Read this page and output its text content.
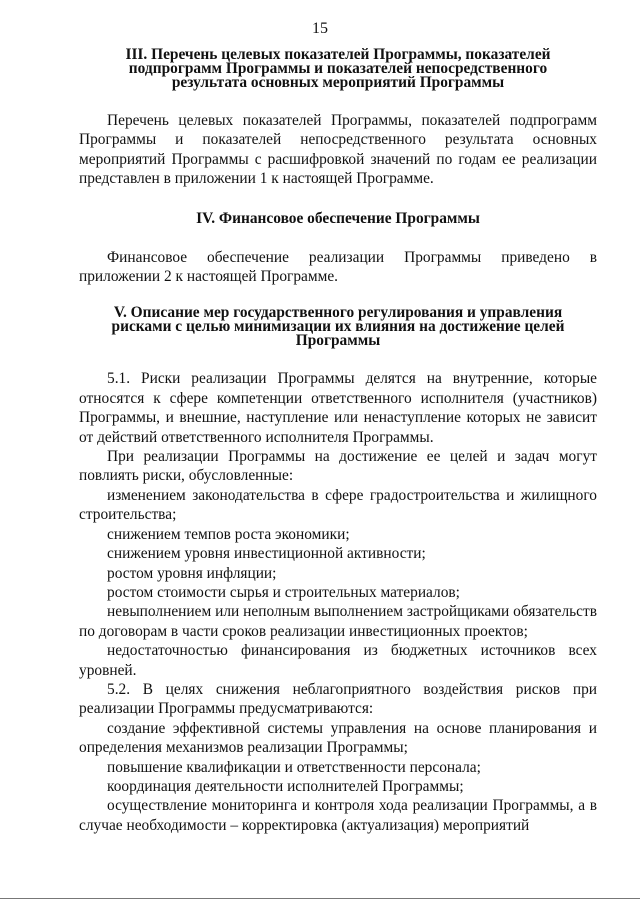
15
III. Перечень целевых показателей Программы, показателей
подпрограмм Программы и показателей непосредственного
результата основных мероприятий Программы

Перечень целевых показателей Программы, показателей подпрограмм Программы и показателей непосредственного результата основных мероприятий Программы с расшифровкой значений по годам ее реализации представлен в приложении 1 к настоящей Программе.

IV. Финансовое обеспечение Программы

Финансовое обеспечение реализации Программы приведено в приложении 2 к настоящей Программе.

V. Описание мер государственного регулирования и управления
рисками с целью минимизации их влияния на достижение целей
Программы

5.1. Риски реализации Программы делятся на внутренние, которые относятся к сфере компетенции ответственного исполнителя (участников) Программы, и внешние, наступление или ненаступление которых не зависит от действий ответственного исполнителя Программы.

При реализации Программы на достижение ее целей и задач могут повлиять риски, обусловленные:

изменением законодательства в сфере градостроительства и жилищного строительства;

снижением темпов роста экономики;

снижением уровня инвестиционной активности;

ростом уровня инфляции;

ростом стоимости сырья и строительных материалов;

невыполнением или неполным выполнением застройщиками обязательств по договорам в части сроков реализации инвестиционных проектов;

недостаточностью финансирования из бюджетных источников всех уровней.

5.2. В целях снижения неблагоприятного воздействия рисков при реализации Программы предусматриваются:

создание эффективной системы управления на основе планирования и определения механизмов реализации Программы;

повышение квалификации и ответственности персонала;

координация деятельности исполнителей Программы;

осуществление мониторинга и контроля хода реализации Программы, а в случае необходимости – корректировка (актуализация) мероприятий
